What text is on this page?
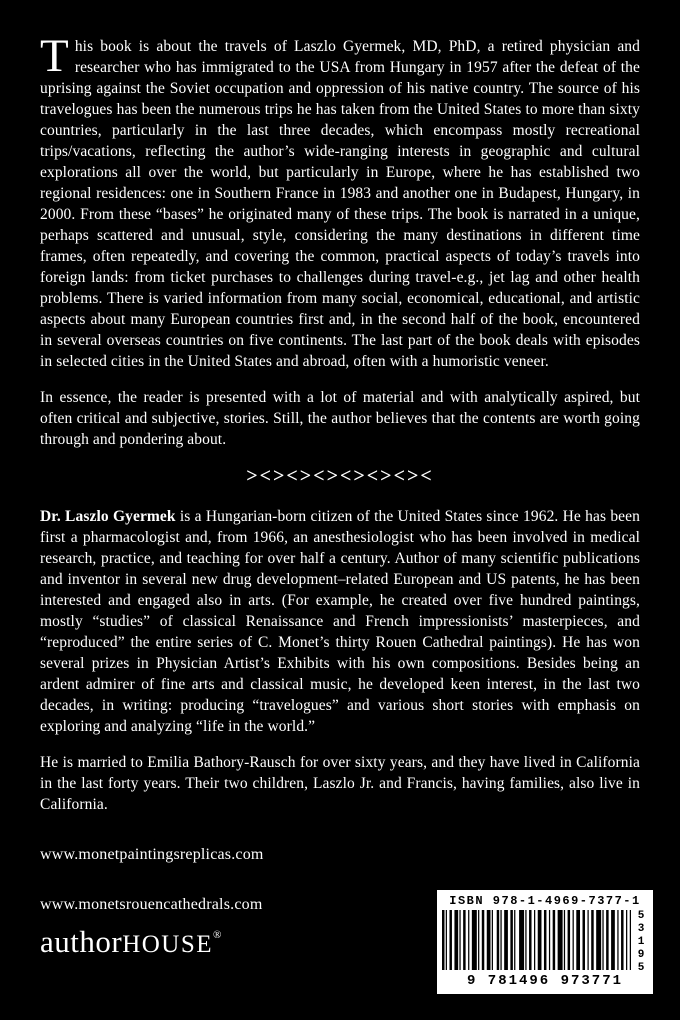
This book is about the travels of Laszlo Gyermek, MD, PhD, a retired physician and researcher who has immigrated to the USA from Hungary in 1957 after the defeat of the uprising against the Soviet occupation and oppression of his native country. The source of his travelogues has been the numerous trips he has taken from the United States to more than sixty countries, particularly in the last three decades, which encompass mostly recreational trips/vacations, reflecting the author’s wide-ranging interests in geographic and cultural explorations all over the world, but particularly in Europe, where he has established two regional residences: one in Southern France in 1983 and another one in Budapest, Hungary, in 2000. From these “bases” he originated many of these trips. The book is narrated in a unique, perhaps scattered and unusual, style, considering the many destinations in different time frames, often repeatedly, and covering the common, practical aspects of today’s travels into foreign lands: from ticket purchases to challenges during travel-e.g., jet lag and other health problems. There is varied information from many social, economical, educational, and artistic aspects about many European countries first and, in the second half of the book, encountered in several overseas countries on five continents. The last part of the book deals with episodes in selected cities in the United States and abroad, often with a humoristic veneer.

In essence, the reader is presented with a lot of material and with analytically aspired, but often critical and subjective, stories. Still, the author believes that the contents are worth going through and pondering about.

><><><><><><><

Dr. Laszlo Gyermek is a Hungarian-born citizen of the United States since 1962. He has been first a pharmacologist and, from 1966, an anesthesiologist who has been involved in medical research, practice, and teaching for over half a century. Author of many scientific publications and inventor in several new drug development–related European and US patents, he has been interested and engaged also in arts. (For example, he created over five hundred paintings, mostly “studies” of classical Renaissance and French impressionists’ masterpieces, and “reproduced” the entire series of C. Monet’s thirty Rouen Cathedral paintings). He has won several prizes in Physician Artist’s Exhibits with his own compositions. Besides being an ardent admirer of fine arts and classical music, he developed keen interest, in the last two decades, in writing: producing “travelogues” and various short stories with emphasis on exploring and analyzing “life in the world.”

He is married to Emilia Bathory-Rausch for over sixty years, and they have lived in California in the last forty years. Their two children, Laszlo Jr. and Francis, having families, also live in California.

www.monetpaintingsreplicas.com

www.monetsrouencathedrals.com

authorHOUSE®
ISBN 978-1-4969-7377-1
53195
9 781496 973771
